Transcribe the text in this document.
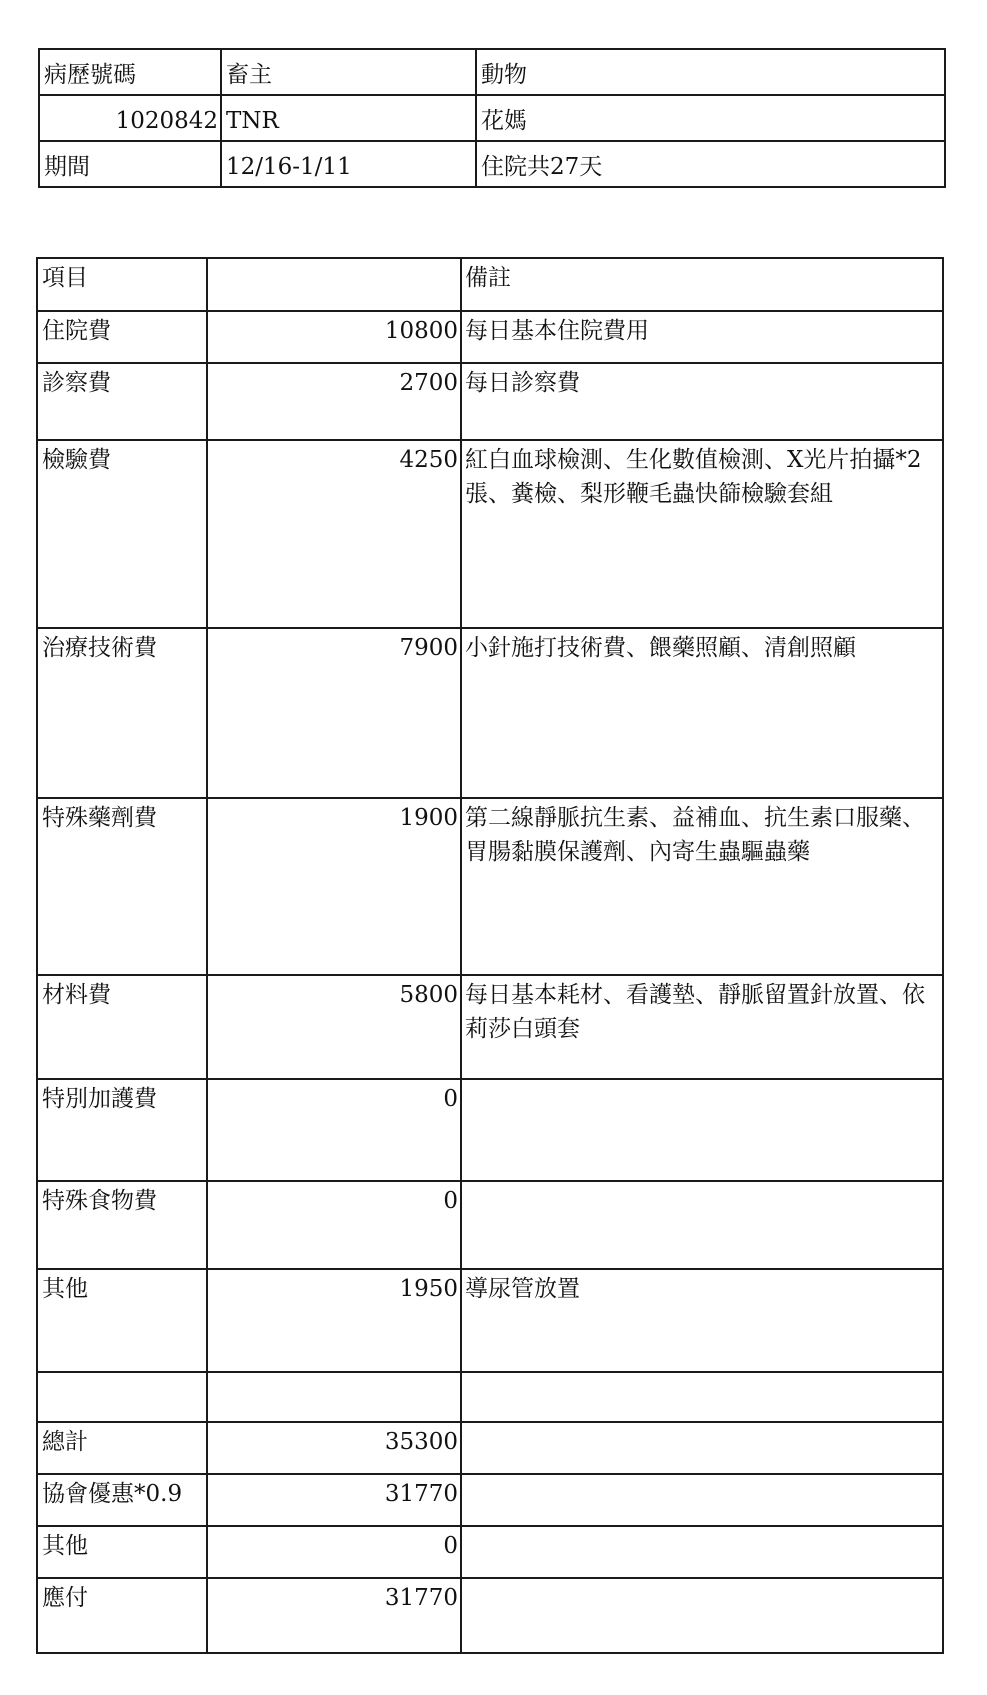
病歷號碼	畜主	動物
1020842	TNR	花媽
期間	12/16-1/11	住院共27天
項目		備註
住院費	10800	每日基本住院費用
診察費	2700	每日診察費
檢驗費	4250	紅白血球檢測、生化數值檢測、X光片拍攝*2張、糞檢、梨形鞭毛蟲快篩檢驗套組
治療技術費	7900	小針施打技術費、餵藥照顧、清創照顧
特殊藥劑費	1900	第二線靜脈抗生素、益補血、抗生素口服藥、胃腸黏膜保護劑、內寄生蟲驅蟲藥
材料費	5800	每日基本耗材、看護墊、靜脈留置針放置、依莉莎白頭套
特別加護費	0	
特殊食物費	0	
其他	1950	導尿管放置

總計	35300	
協會優惠*0.9	31770	
其他	0	
應付	31770	
